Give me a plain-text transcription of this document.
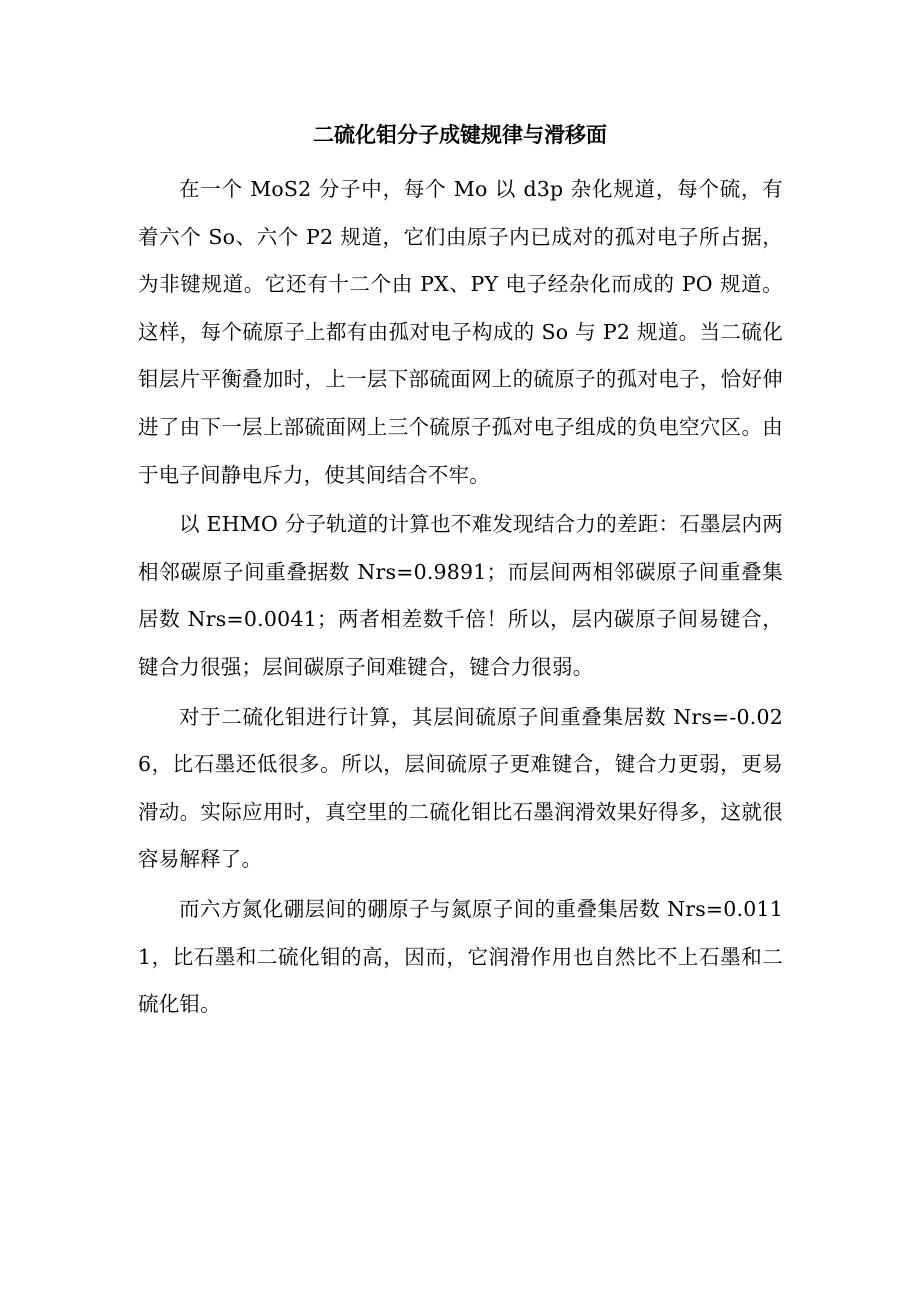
二硫化钼分子成键规律与滑移面

在一个 MoS2 分子中，每个 Mo 以 d3p 杂化规道，每个硫，有着六个 So、六个 P2 规道，它们由原子内已成对的孤对电子所占据，为非键规道。它还有十二个由 PX、PY 电子经杂化而成的 PO 规道。这样，每个硫原子上都有由孤对电子构成的 So 与 P2 规道。当二硫化钼层片平衡叠加时，上一层下部硫面网上的硫原子的孤对电子，恰好伸进了由下一层上部硫面网上三个硫原子孤对电子组成的负电空穴区。由于电子间静电斥力，使其间结合不牢。

以 EHMO 分子轨道的计算也不难发现结合力的差距：石墨层内两相邻碳原子间重叠据数 Nrs=0.9891；而层间两相邻碳原子间重叠集居数 Nrs=0.0041；两者相差数千倍！所以，层内碳原子间易键合，键合力很强；层间碳原子间难键合，键合力很弱。

对于二硫化钼进行计算，其层间硫原子间重叠集居数 Nrs=-0.026，比石墨还低很多。所以，层间硫原子更难键合，键合力更弱，更易滑动。实际应用时，真空里的二硫化钼比石墨润滑效果好得多，这就很容易解释了。

而六方氮化硼层间的硼原子与氮原子间的重叠集居数 Nrs=0.0111，比石墨和二硫化钼的高，因而，它润滑作用也自然比不上石墨和二硫化钼。
